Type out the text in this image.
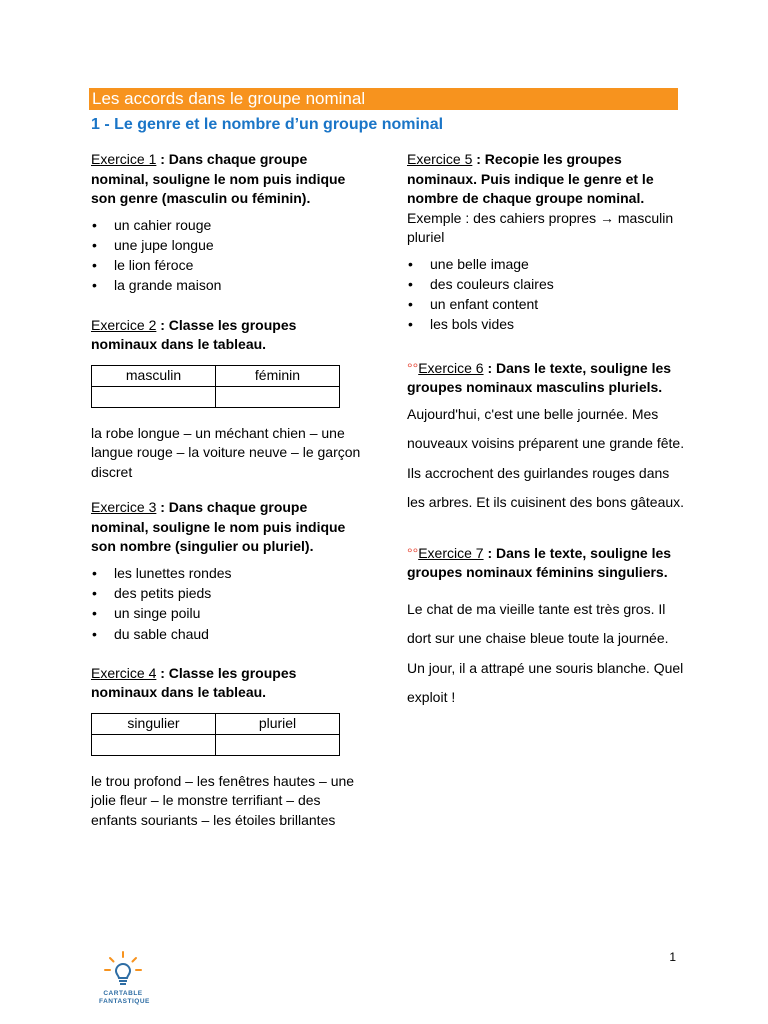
Les accords dans le groupe nominal
1 - Le genre et le nombre d’un groupe nominal

Exercice 1 : Dans chaque groupe nominal, souligne le nom puis indique son genre (masculin ou féminin).

• un cahier rouge
• une jupe longue
• le lion féroce
• la grande maison

Exercice 2 : Classe les groupes nominaux dans le tableau.

masculin	féminin

la robe longue – un méchant chien – une langue rouge – la voiture neuve – le garçon discret

Exercice 3 : Dans chaque groupe nominal, souligne le nom puis indique son nombre (singulier ou pluriel).

• les lunettes rondes
• des petits pieds
• un singe poilu
• du sable chaud

Exercice 4 : Classe les groupes nominaux dans le tableau.

singulier	pluriel

le trou profond – les fenêtres hautes – une jolie fleur – le monstre terrifiant – des enfants souriants – les étoiles brillantes

Exercice 5 : Recopie les groupes nominaux. Puis indique le genre et le nombre de chaque groupe nominal.

Exemple : des cahiers propres → masculin pluriel

• une belle image
• des couleurs claires
• un enfant content
• les bols vides

°°Exercice 6 : Dans le texte, souligne les groupes nominaux masculins pluriels.

Aujourd'hui, c'est une belle journée. Mes nouveaux voisins préparent une grande fête. Ils accrochent des guirlandes rouges dans les arbres. Et ils cuisinent des bons gâteaux.

°°Exercice 7 : Dans le texte, souligne les groupes nominaux féminins singuliers.

Le chat de ma vieille tante est très gros. Il dort sur une chaise bleue toute la journée. Un jour, il a attrapé une souris blanche. Quel exploit !

CARTABLE
FANTASTIQUE
1
